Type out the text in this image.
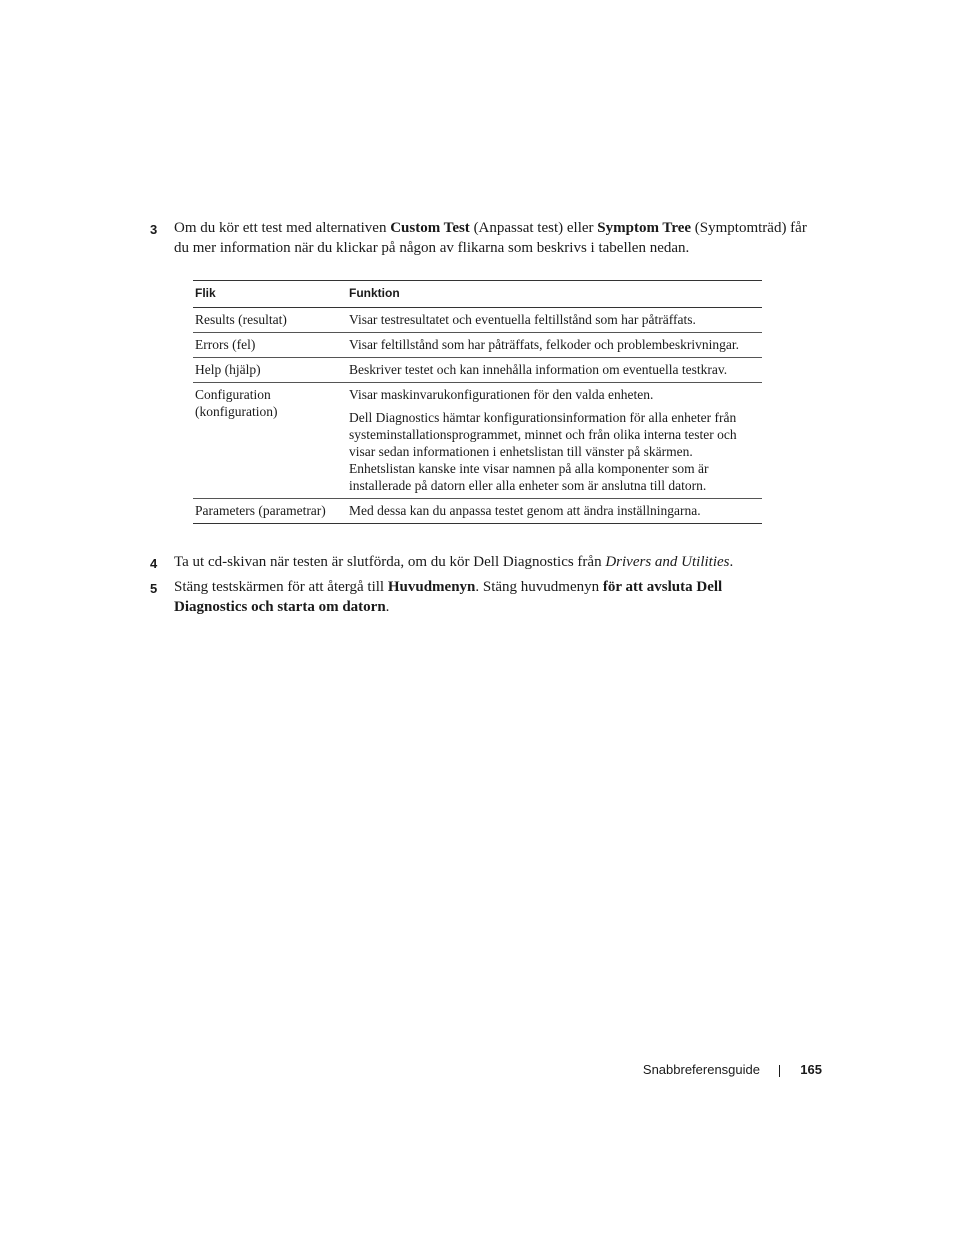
3 Om du kör ett test med alternativen Custom Test (Anpassat test) eller Symptom Tree (Symptomträd) får du mer information när du klickar på någon av flikarna som beskrivs i tabellen nedan.
Flik	Funktion
Results (resultat)	Visar testresultatet och eventuella feltillstånd som har påträffats.
Errors (fel)	Visar feltillstånd som har påträffats, felkoder och problembeskrivningar.
Help (hjälp)	Beskriver testet och kan innehålla information om eventuella testkrav.
Configuration (konfiguration)	Visar maskinvarukonfigurationen för den valda enheten.

Dell Diagnostics hämtar konfigurationsinformation för alla enheter från systeminstallationsprogrammet, minnet och från olika interna tester och visar sedan informationen i enhetslistan till vänster på skärmen. Enhetslistan kanske inte visar namnen på alla komponenter som är installerade på datorn eller alla enheter som är anslutna till datorn.

Parameters (parametrar)	Med dessa kan du anpassa testet genom att ändra inställningarna.
4 Ta ut cd-skivan när testen är slutförda, om du kör Dell Diagnostics från Drivers and Utilities.
5 Stäng testskärmen för att återgå till Huvudmenyn. Stäng huvudmenyn för att avsluta Dell Diagnostics och starta om datorn.
Snabbreferensguide	165
